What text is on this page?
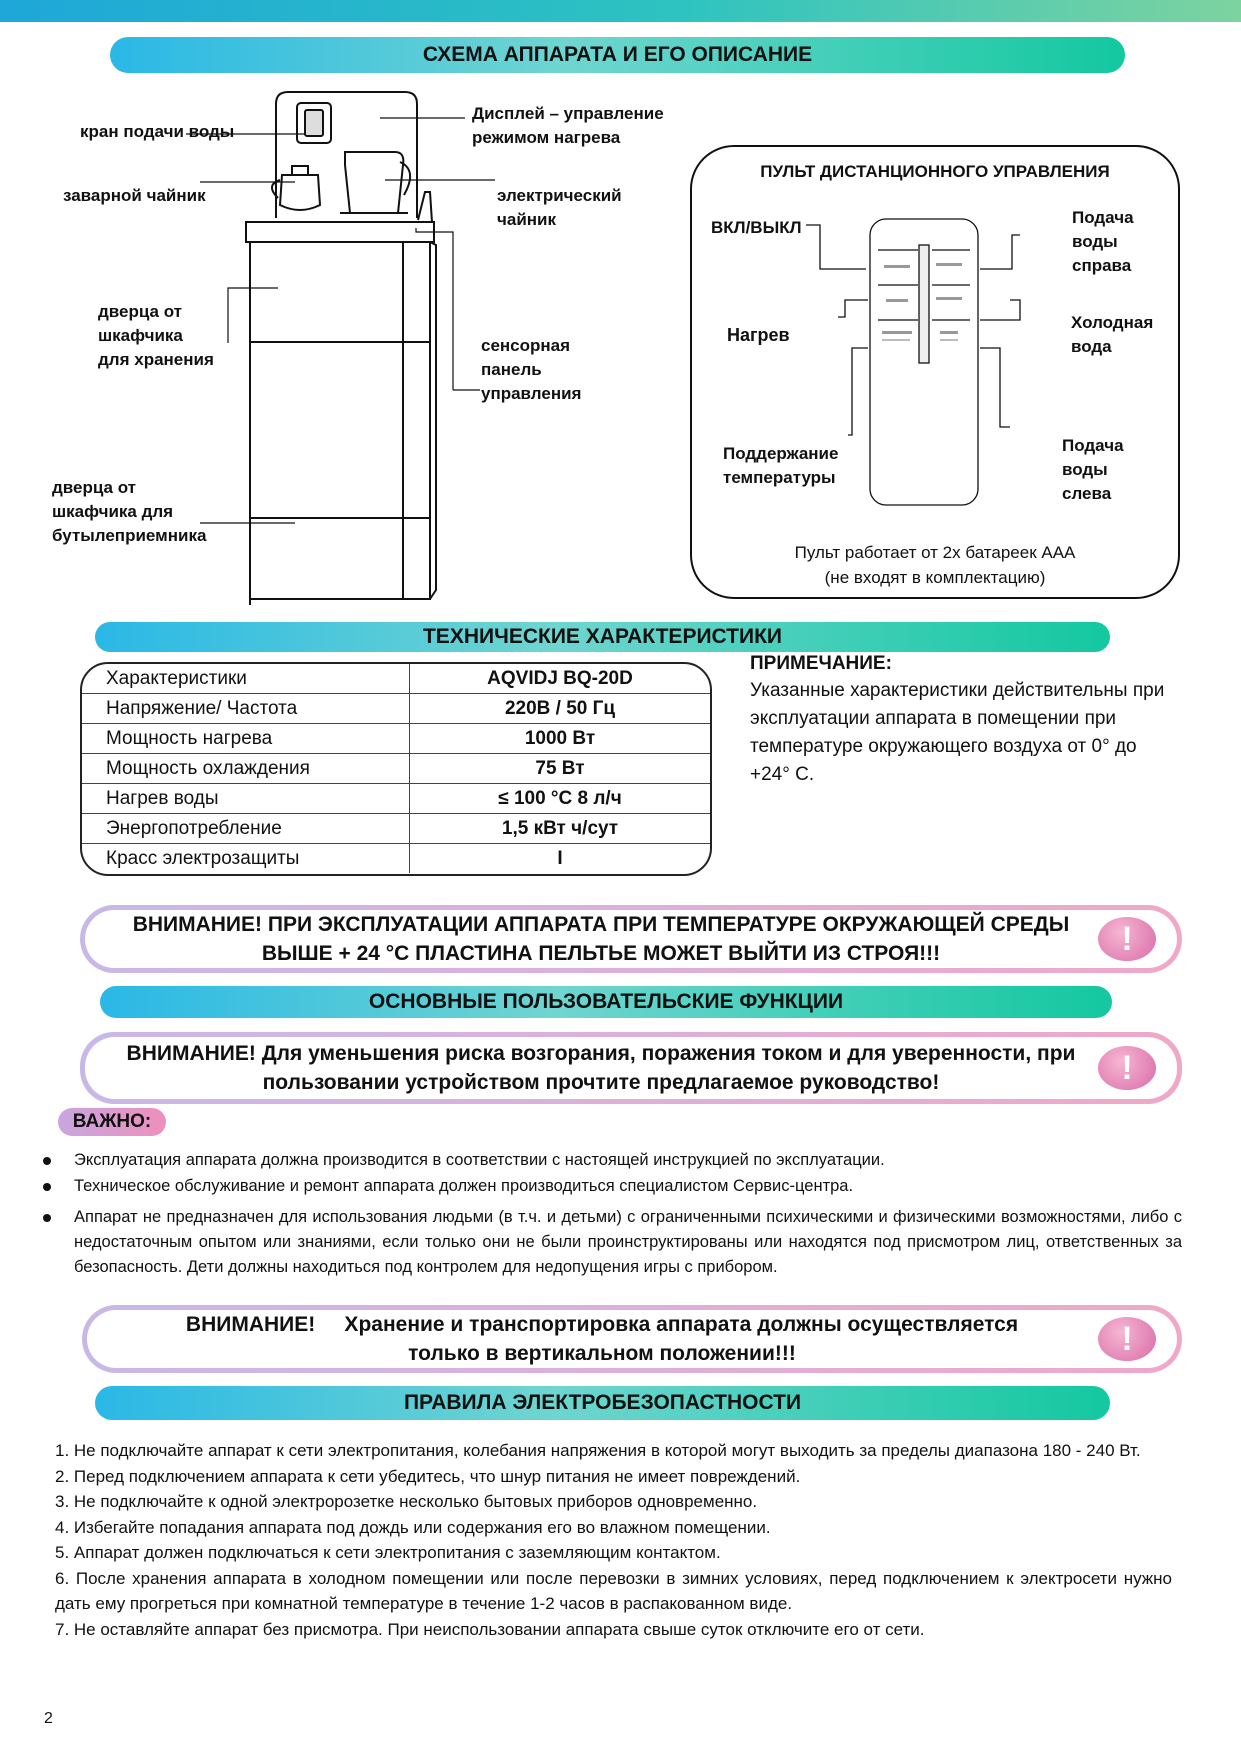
СХЕМА АППАРАТА И ЕГО ОПИСАНИЕ
кран подачи воды
заварной чайник
дверца от
шкафчика
для хранения
дверца от
шкафчика для
бутылеприемника
Дисплей – управление
режимом нагрева
электрический
чайник
сенсорная
панель
управления
ПУЛЬТ ДИСТАНЦИОННОГО УПРАВЛЕНИЯ
ВКЛ/ВЫКЛ
Нагрев
Поддержание
температуры
Подача
воды
справа
Холодная
вода
Подача
воды
слева
Пульт работает от 2х батареек ААА
(не входят в комплектацию)
ТЕХНИЧЕСКИЕ ХАРАКТЕРИСТИКИ
Характеристики	AQVIDJ BQ-20D
Напряжение/ Частота	220В / 50 Гц
Мощность нагрева	1000 Вт
Мощность охлаждения	75 Вт
Нагрев воды	≤ 100 °С 8 л/ч
Энергопотребление	1,5 кВт ч/сут
Красс электрозащиты	I
ПРИМЕЧАНИЕ:
Указанные характеристики действительны при эксплуатации аппарата в помещении при температуре окружающего воздуха от 0° до +24° С.
ВНИМАНИЕ! ПРИ ЭКСПЛУАТАЦИИ АППАРАТА ПРИ ТЕМПЕРАТУРЕ ОКРУЖАЮЩЕЙ СРЕДЫ
ВЫШЕ + 24 °С ПЛАСТИНА ПЕЛЬТЬЕ МОЖЕТ ВЫЙТИ ИЗ СТРОЯ!!!	!
ОСНОВНЫЕ ПОЛЬЗОВАТЕЛЬСКИЕ ФУНКЦИИ
ВНИМАНИЕ! Для уменьшения риска возгорания, поражения током и для уверенности, при
пользовании устройством прочтите предлагаемое руководство!	!
ВАЖНО:
Эксплуатация аппарата должна производится в соответствии с настоящей инструкцией по эксплуатации.
Техническое обслуживание и ремонт аппарата должен производиться специалистом Сервис-центра.
Аппарат не предназначен для использования людьми (в т.ч. и детьми) с ограниченными психическими и физическими возможностями, либо с недостаточным опытом или знаниями, если только они не были проинструктированы или находятся под присмотром лиц, ответственных за безопасность. Дети должны находиться под контролем для недопущения игры с прибором.
ВНИМАНИЕ!     Хранение и транспортировка аппарата должны осуществляется
только в вертикальном положении!!!	!
ПРАВИЛА ЭЛЕКТРОБЕЗОПАСТНОСТИ
1. Не подключайте аппарат к сети электропитания, колебания напряжения в которой могут выходить за пределы диапазона 180 - 240 Вт.
2. Перед подключением аппарата к сети убедитесь, что шнур питания не имеет повреждений.
3. Не подключайте к одной электророзетке несколько бытовых приборов одновременно.
4. Избегайте попадания аппарата под дождь или содержания его во влажном помещении.
5. Аппарат должен подключаться к сети электропитания с заземляющим контактом.
6. После хранения аппарата в холодном помещении или после перевозки в зимних условиях, перед подключением к электросети нужно дать ему прогреться при комнатной температуре в течение 1-2 часов в распакованном виде.
7. Не оставляйте аппарат без присмотра. При неиспользовании аппарата свыше суток отключите его от сети.
2
